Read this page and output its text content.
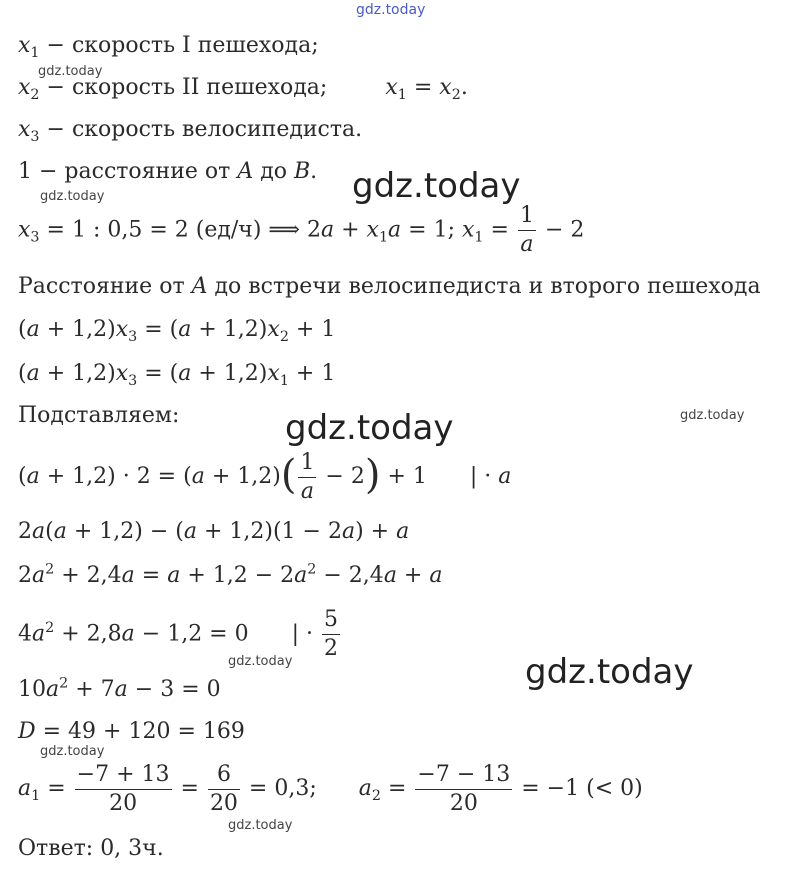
gdz.today
gdz.today
gdz.today
gdz.today
gdz.today
gdz.today
gdz.today	gdz.today
gdz.today
gdz.today
$x_1$ − скорость I пешехода;
$x_2$ − скорость II пешехода;	$x_1 = x_2$.
$x_3$ − скорость велосипедиста.
1 − расстояние от A до B.
$x_3 = 1$ : 0,5 = 2 (ед/ч) ⟹ $2a + x_1a = 1$; $x_1 = \frac{1}{a} - 2$
Расстояние от A до встречи велосипедиста и второго пешехода
$(a + 1,2)x_3 = (a + 1,2)x_2 + 1$
$(a + 1,2)x_3 = (a + 1,2)x_1 + 1$
Подставляем:
$(a + 1,2) \cdot 2 = (a + 1,2)( \frac{1}{a} - 2) + 1$ | · a
2a(a + 1,2) − (a + 1,2)(1 − 2a) + a
$2a^2 + 2,4a = a + 1,2 - 2a^2 - 2,4a + a$
$4a^2 + 2,8a - 1,2 = 0$ | · $\frac{5}{2}$
$10a^2 + 7a - 3 = 0$
D = 49 + 120 = 169
$a_1 = \frac{-7 + 13}{20} = \frac{6}{20} = 0,3$;  $a_2 = \frac{-7 - 13}{20} = -1$ (< 0)
Ответ: 0, 3ч.
